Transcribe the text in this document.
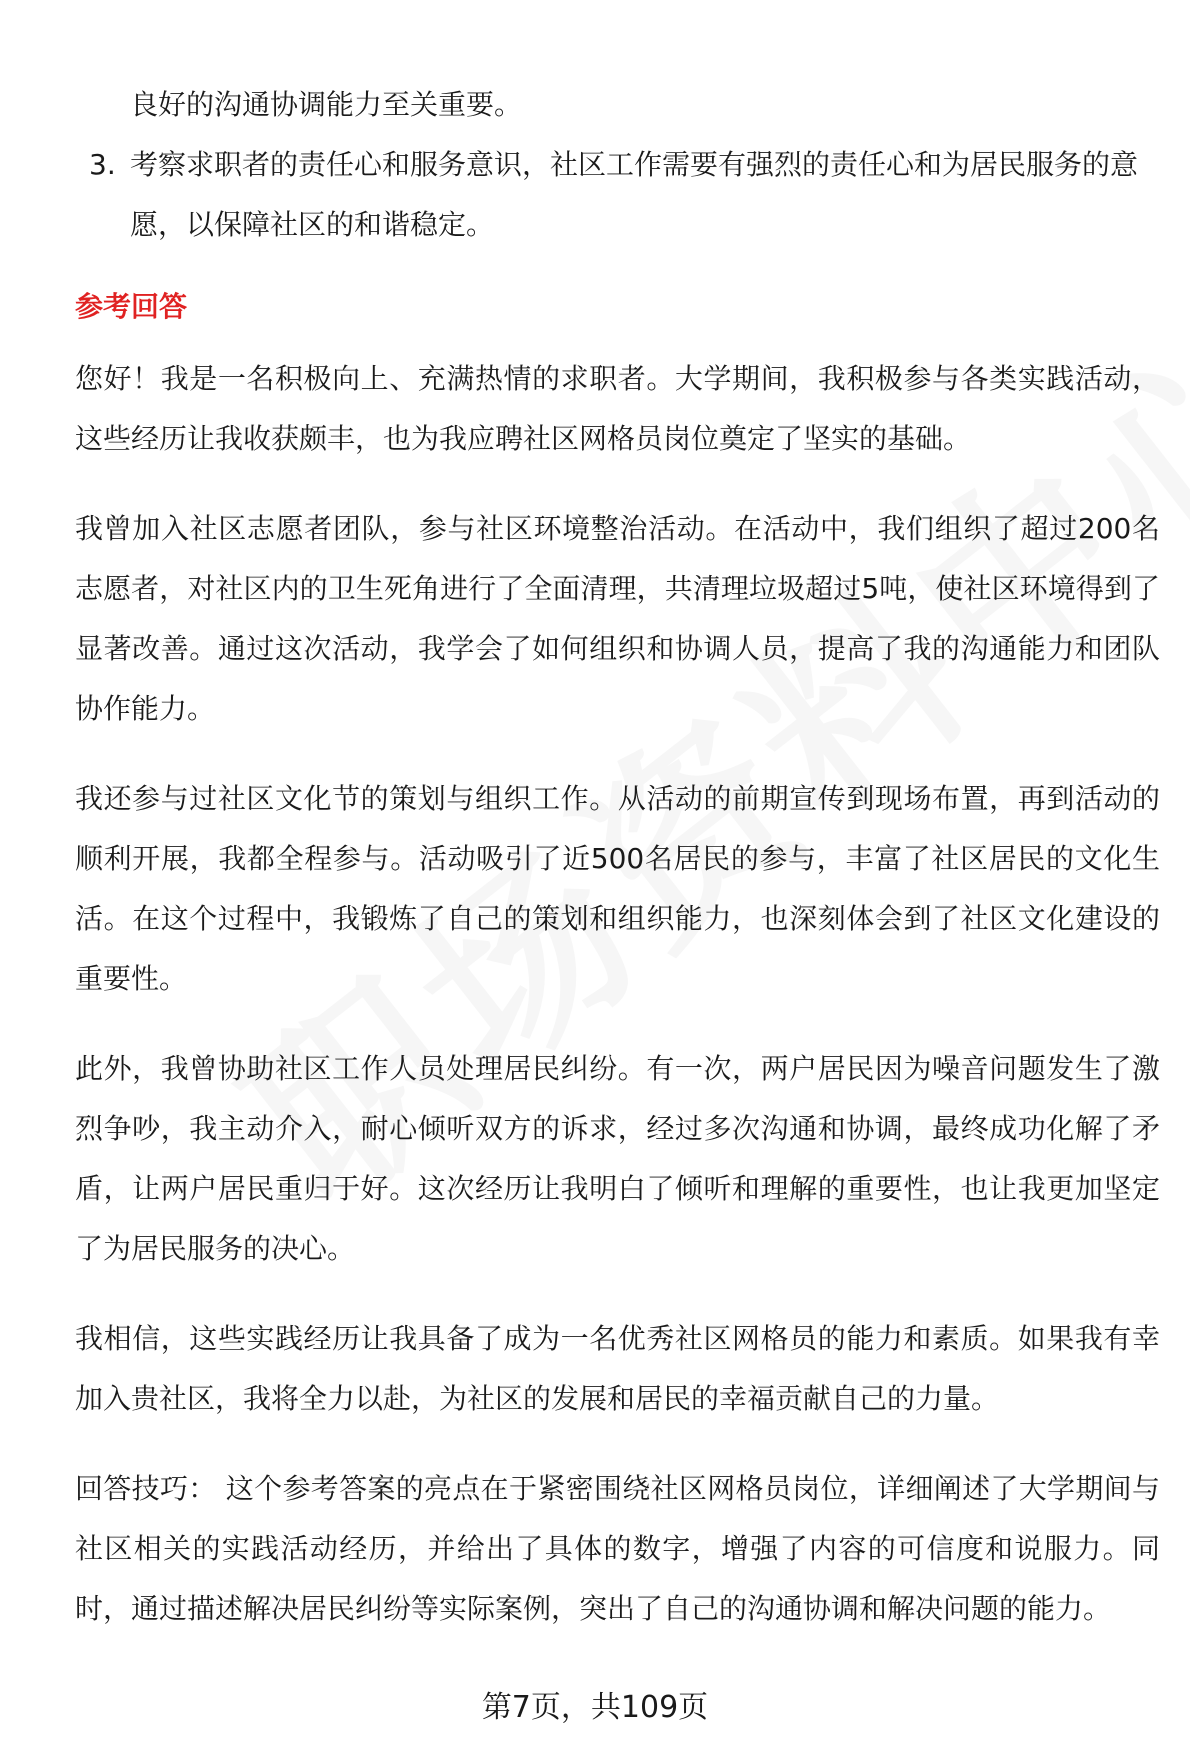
良好的沟通协调能力至关重要。

3. 考察求职者的责任心和服务意识，社区工作需要有强烈的责任心和为居民服务的意愿，以保障社区的和谐稳定。
参考回答

您好！我是一名积极向上、充满热情的求职者。大学期间，我积极参与各类实践活动，这些经历让我收获颇丰，也为我应聘社区网格员岗位奠定了坚实的基础。

我曾加入社区志愿者团队，参与社区环境整治活动。在活动中，我们组织了超过200名志愿者，对社区内的卫生死角进行了全面清理，共清理垃圾超过5吨，使社区环境得到了显著改善。通过这次活动，我学会了如何组织和协调人员，提高了我的沟通能力和团队协作能力。

我还参与过社区文化节的策划与组织工作。从活动的前期宣传到现场布置，再到活动的顺利开展，我都全程参与。活动吸引了近500名居民的参与，丰富了社区居民的文化生活。在这个过程中，我锻炼了自己的策划和组织能力，也深刻体会到了社区文化建设的重要性。

此外，我曾协助社区工作人员处理居民纠纷。有一次，两户居民因为噪音问题发生了激烈争吵，我主动介入，耐心倾听双方的诉求，经过多次沟通和协调，最终成功化解了矛盾，让两户居民重归于好。这次经历让我明白了倾听和理解的重要性，也让我更加坚定了为居民服务的决心。

我相信，这些实践经历让我具备了成为一名优秀社区网格员的能力和素质。如果我有幸加入贵社区，我将全力以赴，为社区的发展和居民的幸福贡献自己的力量。

回答技巧： 这个参考答案的亮点在于紧密围绕社区网格员岗位，详细阐述了大学期间与社区相关的实践活动经历，并给出了具体的数字，增强了内容的可信度和说服力。同时，通过描述解决居民纠纷等实际案例，突出了自己的沟通协调和解决问题的能力。

第7页，共109页
